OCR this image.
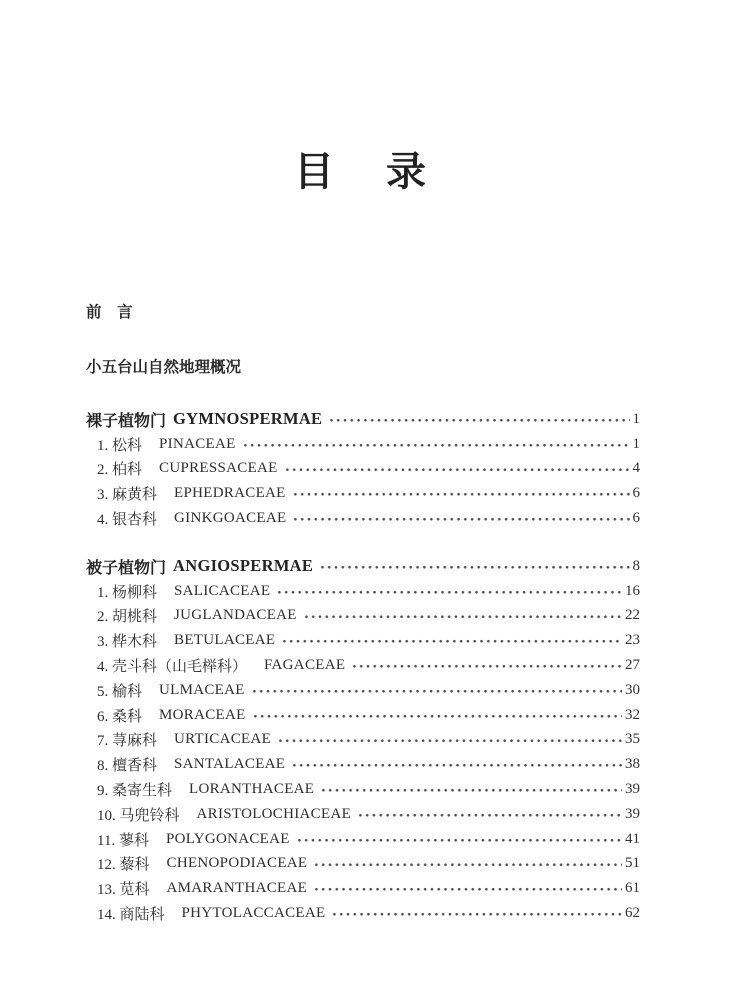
目　录
前　言
小五台山自然地理概况
裸子植物门 GYMNOSPERMAE	1
1. 松科 PINACEAE	1
2. 柏科 CUPRESSACEAE	4
3. 麻黄科 EPHEDRACEAE	6
4. 银杏科 GINKGOACEAE	6
被子植物门 ANGIOSPERMAE	8
1. 杨柳科 SALICACEAE	16
2. 胡桃科 JUGLANDACEAE	22
3. 桦木科 BETULACEAE	23
4. 壳斗科（山毛榉科） FAGACEAE	27
5. 榆科 ULMACEAE	30
6. 桑科 MORACEAE	32
7. 荨麻科 URTICACEAE	35
8. 檀香科 SANTALACEAE	38
9. 桑寄生科 LORANTHACEAE	39
10. 马兜铃科 ARISTOLOCHIACEAE	39
11. 蓼科 POLYGONACEAE	41
12. 藜科 CHENOPODIACEAE	51
13. 苋科 AMARANTHACEAE	61
14. 商陆科 PHYTOLACCACEAE	62
